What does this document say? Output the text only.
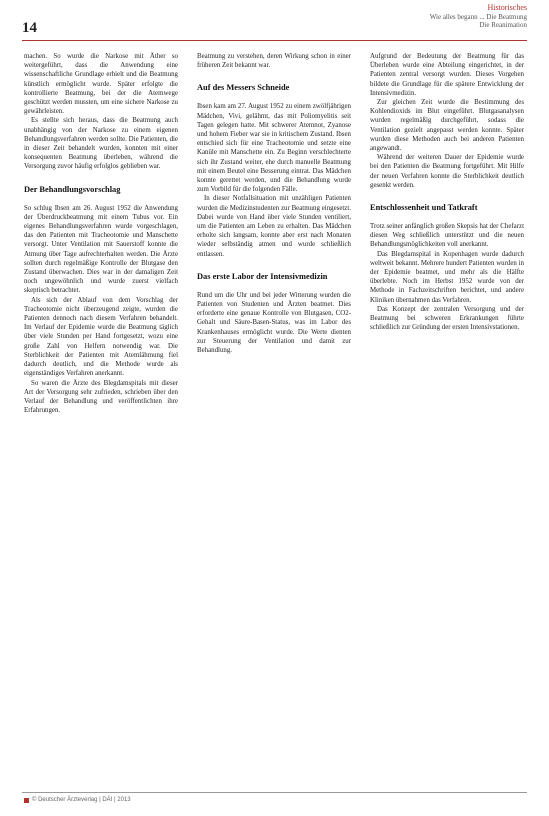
14
Historisches
Wie alles begann ... Die Beatmung
Die Reanimation

machen. So wurde die Narkose mit Äther so weitergeführt, dass die Anwendung eine wissenschaftliche Grundlage erhielt und die Beatmung künstlich ermöglicht wurde. Später erfolgte die kontrollierte Beatmung, bei der die Atemwege geschützt werden mussten, um eine sichere Narkose zu gewährleisten.

Es stellte sich heraus, dass die Beatmung auch unabhängig von der Narkose zu einem eigenen Behandlungsverfahren werden sollte. Die Patienten, die in dieser Zeit behandelt wurden, konnten mit einer konsequenten Beatmung überleben, während die Versorgung zuvor häufig erfolglos geblieben war.

Der Behandlungsvorschlag

So schlug Ibsen am 26. August 1952 die Anwendung der Überdruckbeatmung mit einem Tubus vor. Ein eigenes Behandlungsverfahren wurde vorgeschlagen, das den Patienten mit Tracheotomie und Manschette versorgt. Unter Ventilation mit Sauerstoff konnte die Atmung über Tage aufrechterhalten werden. Die Ärzte sollten durch regelmäßige Kontrolle der Blutgase den Zustand überwachen. Dies war in der damaligen Zeit noch ungewöhnlich und wurde zuerst vielfach skeptisch betrachtet.

Als sich der Ablauf von dem Vorschlag der Tracheotomie nicht überzeugend zeigte, wurden die Patienten dennoch nach diesem Verfahren behandelt. Im Verlauf der Epidemie wurde die Beatmung täglich über viele Stunden per Hand fortgesetzt, wozu eine große Zahl von Helfern notwendig war. Die Sterblichkeit der Patienten mit Atemlähmung fiel dadurch deutlich, und die Methode wurde als eigenständiges Verfahren anerkannt.

So waren die Ärzte des Blegdamspitals mit dieser Art der Versorgung sehr zufrieden, schrieben über den Verlauf der Behandlung und veröffentlichten ihre Erfahrungen.

Beatmung zu verstehen, deren Wirkung schon in einer früheren Zeit bekannt war.

Auf des Messers Schneide

Ibsen kam am 27. August 1952 zu einem zwölfjährigen Mädchen, Vivi, gelähmt, das mit Poliomyelitis seit Tagen gelegen hatte. Mit schwerer Atemnot, Zyanose und hohem Fieber war sie in kritischem Zustand. Ibsen entschied sich für eine Tracheotomie und setzte eine Kanüle mit Manschette ein. Zu Beginn verschlechterte sich ihr Zustand weiter, ehe durch manuelle Beatmung mit einem Beutel eine Besserung eintrat. Das Mädchen konnte gerettet werden, und die Behandlung wurde zum Vorbild für die folgenden Fälle.

In dieser Notfallsituation mit unzähligen Patienten wurden die Medizinstudenten zur Beatmung eingesetzt. Dabei wurde von Hand über viele Stunden ventiliert, um die Patienten am Leben zu erhalten. Das Mädchen erholte sich langsam, konnte aber erst nach Monaten wieder selbständig atmen und wurde schließlich entlassen.

Das erste Labor der Intensivmedizin

Rund um die Uhr und bei jeder Witterung wurden die Patienten von Studenten und Ärzten beatmet. Dies erforderte eine genaue Kontrolle von Blutgasen, CO2-Gehalt und Säure-Basen-Status, was im Labor des Krankenhauses ermöglicht wurde. Die Werte dienten zur Steuerung der Ventilation und damit zur Behandlung.

Aufgrund der Bedeutung der Beatmung für das Überleben wurde eine Abteilung eingerichtet, in der Patienten zentral versorgt wurden. Dieses Vorgehen bildete die Grundlage für die spätere Entwicklung der Intensivmedizin.

Zur gleichen Zeit wurde die Bestimmung des Kohlendioxids im Blut eingeführt. Blutgasanalysen wurden regelmäßig durchgeführt, sodass die Ventilation gezielt angepasst werden konnte. Später wurden diese Methoden auch bei anderen Patienten angewandt.

Während der weiteren Dauer der Epidemie wurde bei den Patienten die Beatmung fortgeführt. Mit Hilfe der neuen Verfahren konnte die Sterblichkeit deutlich gesenkt werden.

Entschlossenheit und Tatkraft

Trotz seiner anfänglich großen Skepsis hat der Chefarzt diesen Weg schließlich unterstützt und die neuen Behandlungsmöglichkeiten voll anerkannt.

Das Blegdamspital in Kopenhagen wurde dadurch weltweit bekannt. Mehrere hundert Patienten wurden in der Epidemie beatmet, und mehr als die Hälfte überlebte. Noch im Herbst 1952 wurde von der Methode in Fachzeitschriften berichtet, und andere Kliniken übernahmen das Verfahren.

Das Konzept der zentralen Versorgung und der Beatmung bei schweren Erkrankungen führte schließlich zur Gründung der ersten Intensivstationen.

© Deutscher Ärzteverlag | DÄI | 2013
